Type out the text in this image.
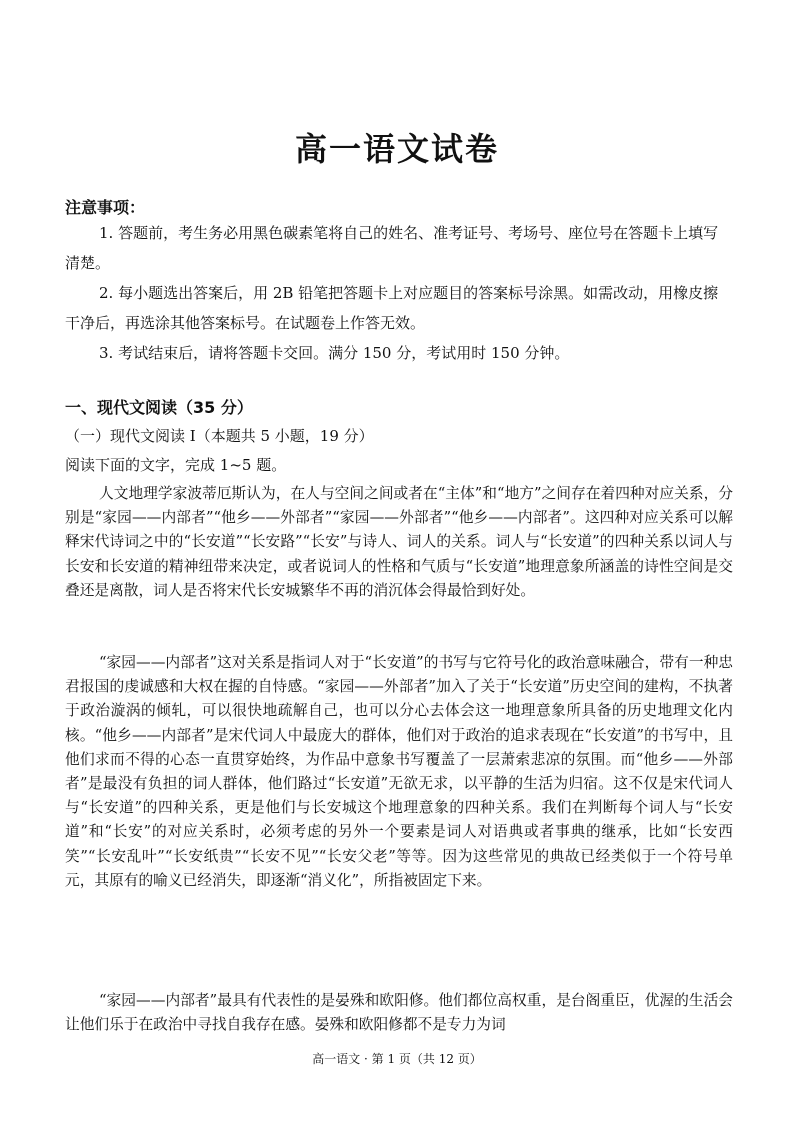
高一语文试卷
注意事项：
1. 答题前，考生务必用黑色碳素笔将自己的姓名、准考证号、考场号、座位号在答题卡上填写清楚。
2. 每小题选出答案后，用 2B 铅笔把答题卡上对应题目的答案标号涂黑。如需改动，用橡皮擦干净后，再选涂其他答案标号。在试题卷上作答无效。
3. 考试结束后，请将答题卡交回。满分 150 分，考试用时 150 分钟。
一、现代文阅读（35 分）
（一）现代文阅读 I（本题共 5 小题，19 分）
阅读下面的文字，完成 1~5 题。
人文地理学家波蒂厄斯认为，在人与空间之间或者在“主体”和“地方”之间存在着四种对应关系，分别是“家园——内部者”“他乡——外部者”“家园——外部者”“他乡——内部者”。这四种对应关系可以解释宋代诗词之中的“长安道”“长安路”“长安”与诗人、词人的关系。词人与“长安道”的四种关系以词人与长安和长安道的精神纽带来决定，或者说词人的性格和气质与“长安道”地理意象所涵盖的诗性空间是交叠还是离散，词人是否将宋代长安城繁华不再的消沉体会得最恰到好处。
“家园——内部者”这对关系是指词人对于“长安道”的书写与它符号化的政治意味融合，带有一种忠君报国的虔诚感和大权在握的自恃感。“家园——外部者”加入了关于“长安道”历史空间的建构，不执著于政治漩涡的倾轧，可以很快地疏解自己，也可以分心去体会这一地理意象所具备的历史地理文化内核。“他乡——内部者”是宋代词人中最庞大的群体，他们对于政治的追求表现在“长安道”的书写中，且他们求而不得的心态一直贯穿始终，为作品中意象书写覆盖了一层萧索悲凉的氛围。而“他乡——外部者”是最没有负担的词人群体，他们路过“长安道”无欲无求，以平静的生活为归宿。这不仅是宋代词人与“长安道”的四种关系，更是他们与长安城这个地理意象的四种关系。我们在判断每个词人与“长安道”和“长安”的对应关系时，必须考虑的另外一个要素是词人对语典或者事典的继承，比如“长安西笑”“长安乱叶”“长安纸贵”“长安不见”“长安父老”等等。因为这些常见的典故已经类似于一个符号单元，其原有的喻义已经消失，即逐渐“消义化”，所指被固定下来。
“家园——内部者”最具有代表性的是晏殊和欧阳修。他们都位高权重，是台阁重臣，优渥的生活会让他们乐于在政治中寻找自我存在感。晏殊和欧阳修都不是专力为词
高一语文 · 第 1 页（共 12 页）
